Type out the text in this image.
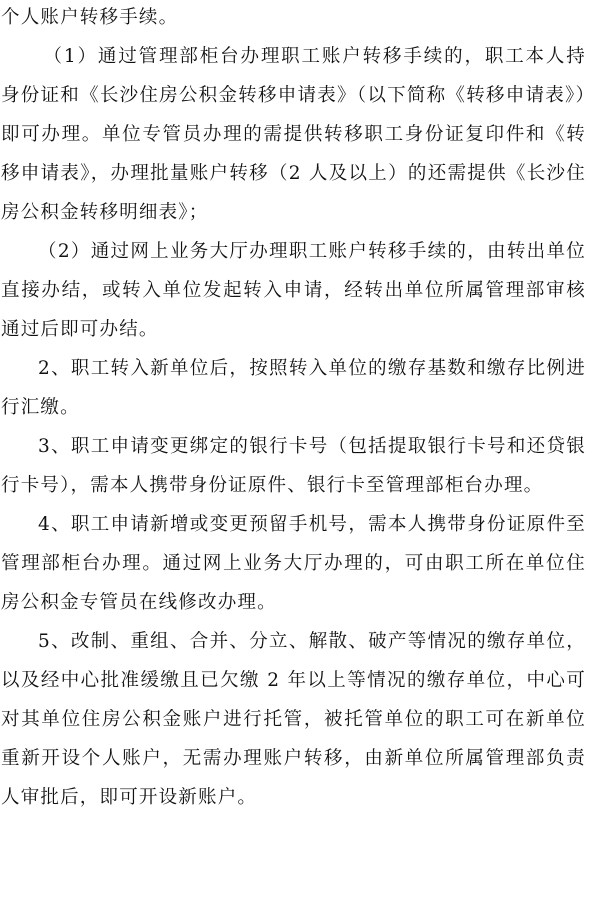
个人账户转移手续。

（1）通过管理部柜台办理职工账户转移手续的，职工本人持身份证和《长沙住房公积金转移申请表》（以下简称《转移申请表》）即可办理。单位专管员办理的需提供转移职工身份证复印件和《转移申请表》，办理批量账户转移（2 人及以上）的还需提供《长沙住房公积金转移明细表》；

（2）通过网上业务大厅办理职工账户转移手续的，由转出单位直接办结，或转入单位发起转入申请，经转出单位所属管理部审核通过后即可办结。

2、职工转入新单位后，按照转入单位的缴存基数和缴存比例进行汇缴。

3、职工申请变更绑定的银行卡号（包括提取银行卡号和还贷银行卡号），需本人携带身份证原件、银行卡至管理部柜台办理。

4、职工申请新增或变更预留手机号，需本人携带身份证原件至管理部柜台办理。通过网上业务大厅办理的，可由职工所在单位住房公积金专管员在线修改办理。

5、改制、重组、合并、分立、解散、破产等情况的缴存单位，以及经中心批准缓缴且已欠缴 2 年以上等情况的缴存单位，中心可对其单位住房公积金账户进行托管，被托管单位的职工可在新单位重新开设个人账户，无需办理账户转移，由新单位所属管理部负责人审批后，即可开设新账户。
